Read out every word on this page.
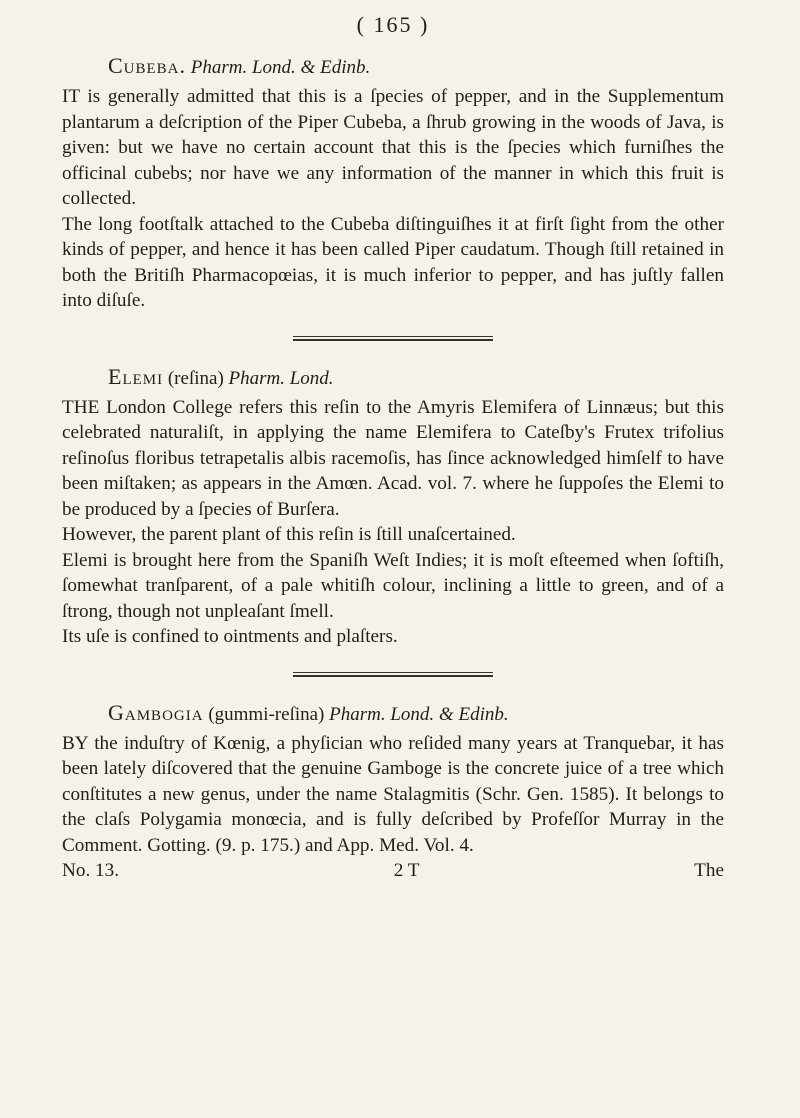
( 165 )
Cubeba. Pharm. Lond. & Edinb.

IT is generally admitted that this is a ſpecies of pepper, and in the Supplementum plantarum a deſcription of the Piper Cubeba, a ſhrub growing in the woods of Java, is given: but we have no certain account that this is the ſpecies which furniſhes the officinal cubebs; nor have we any information of the manner in which this fruit is collected.

The long footſtalk attached to the Cubeba diſtinguiſhes it at firſt ſight from the other kinds of pepper, and hence it has been called Piper caudatum. Though ſtill retained in both the Britiſh Pharmacopœias, it is much inferior to pepper, and has juſtly fallen into diſuſe.

Elemi (reſina) Pharm. Lond.

THE London College refers this reſin to the Amyris Elemifera of Linnæus; but this celebrated naturaliſt, in applying the name Elemifera to Cateſby's Frutex trifolius reſinoſus floribus tetrapetalis albis racemoſis, has ſince acknowledged himſelf to have been miſtaken; as appears in the Amœn. Acad. vol. 7. where he ſuppoſes the Elemi to be produced by a ſpecies of Burſera.

However, the parent plant of this reſin is ſtill unaſcertained.

Elemi is brought here from the Spaniſh Weſt Indies; it is moſt eſteemed when ſoftiſh, ſomewhat tranſparent, of a pale whitiſh colour, inclining a little to green, and of a ſtrong, though not unpleaſant ſmell.

Its uſe is confined to ointments and plaſters.

Gambogia (gummi-reſina) Pharm. Lond. & Edinb.

BY the induſtry of Kœnig, a phyſician who reſided many years at Tranquebar, it has been lately diſcovered that the genuine Gamboge is the concrete juice of a tree which conſtitutes a new genus, under the name Stalagmitis (Schr. Gen. 1585). It belongs to the claſs Polygamia monœcia, and is fully deſcribed by Profeſſor Murray in the Comment. Gotting. (9. p. 175.) and App. Med. Vol. 4.

No. 13.	2 T	The
